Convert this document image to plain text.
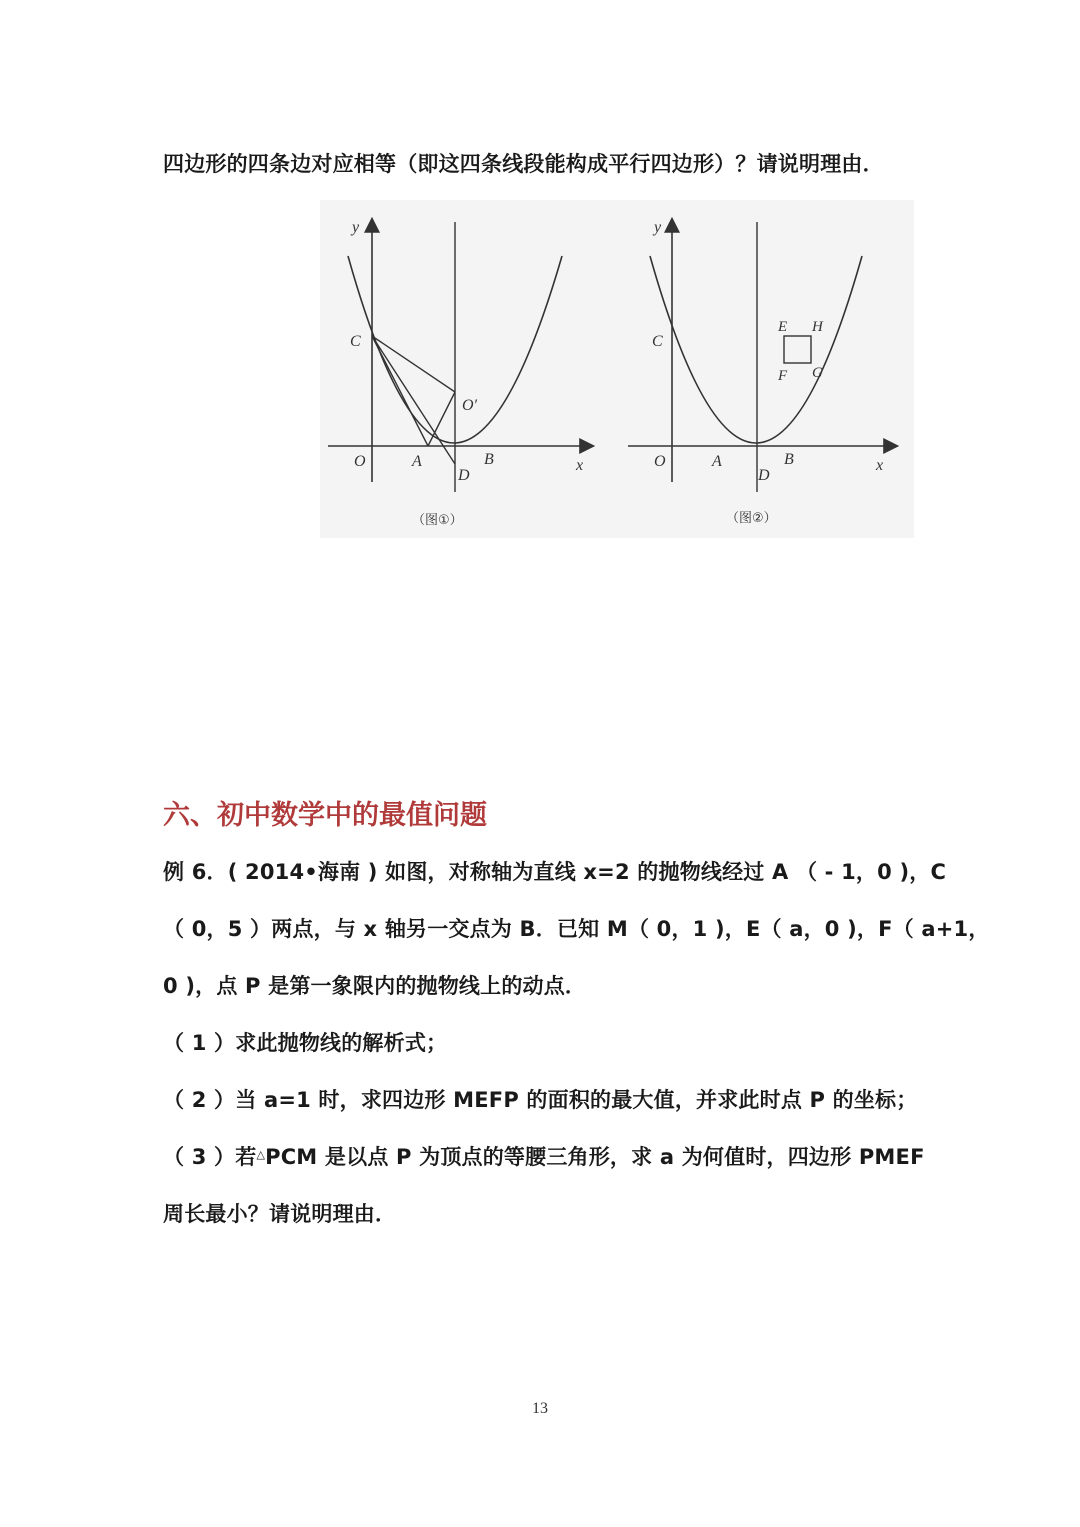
四边形的四条边对应相等（即这四条线段能构成平行四边形）？请说明理由．
y
x
O	A	B
C
D
O′
（图①）
y
x
O	A	B
C
D
E H
F G
（图②）
六、初中数学中的最值问题
例 6．( 2014•海南 ) 如图，对称轴为直线 x=2 的抛物线经过 A （ - 1，0 )，C
（ 0，5 ）两点，与 x 轴另一交点为 B．已知 M（ 0，1 )，E（ a，0 )，F（ a+1，
0 )，点 P 是第一象限内的抛物线上的动点．
（ 1 ）求此抛物线的解析式；
（ 2 ）当 a=1 时，求四边形 MEFP 的面积的最大值，并求此时点 P 的坐标；
（ 3 ）若△PCM 是以点 P 为顶点的等腰三角形，求 a 为何值时，四边形 PMEF
周长最小？请说明理由．
13
